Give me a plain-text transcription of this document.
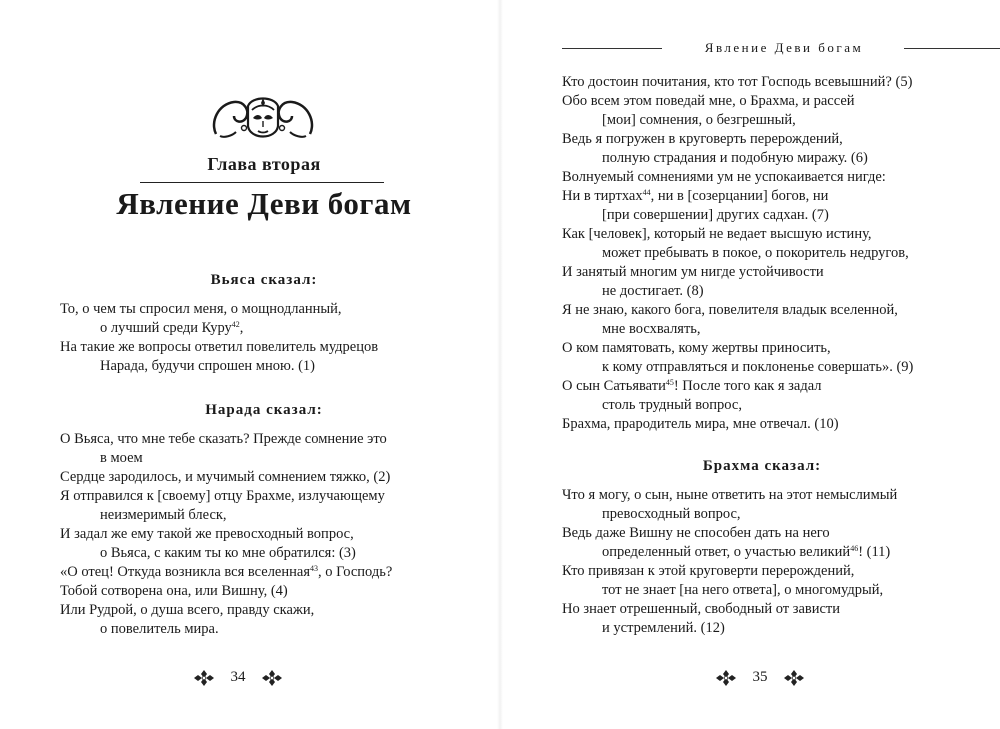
Глава вторая
Явление Деви богам
Вьяса сказал:
То, о чем ты спросил меня, о мощнодланный,
о лучший среди Куру$^{42}$,
На такие же вопросы ответил повелитель мудрецов
Нарада, будучи спрошен мною. (1)
Нарада сказал:
О Вьяса, что мне тебе сказать? Прежде сомнение это
в моем
Сердце зародилось, и мучимый сомнением тяжко, (2)
Я отправился к [своему] отцу Брахме, излучающему
неизмеримый блеск,
И задал же ему такой же превосходный вопрос,
о Вьяса, с каким ты ко мне обратился: (3)
«О отец! Откуда возникла вся вселенная$^{43}$, о Господь?
Тобой сотворена она, или Вишну, (4)
Или Рудрой, о душа всего, правду скажи,
о повелитель мира.
34
Явление Деви богам
Кто достоин почитания, кто тот Господь всевышний? (5)
Обо всем этом поведай мне, о Брахма, и рассей
[мои] сомнения, о безгрешный,
Ведь я погружен в круговерть перерождений,
полную страдания и подобную миражу. (6)
Волнуемый сомнениями ум не успокаивается нигде:
Ни в тиртхах$^{44}$, ни в [созерцании] богов, ни
[при совершении] других садхан. (7)
Как [человек], который не ведает высшую истину,
может пребывать в покое, о покоритель недругов,
И занятый многим ум нигде устойчивости
не достигает. (8)
Я не знаю, какого бога, повелителя владык вселенной,
мне восхвалять,
О ком памятовать, кому жертвы приносить,
к кому отправляться и поклоненье совершать». (9)
О сын Сатьявати$^{45}$! После того как я задал
столь трудный вопрос,
Брахма, прародитель мира, мне отвечал. (10)
Брахма сказал:
Что я могу, о сын, ныне ответить на этот немыслимый
превосходный вопрос,
Ведь даже Вишну не способен дать на него
определенный ответ, о участью великий$^{46}$! (11)
Кто привязан к этой круговерти перерождений,
тот не знает [на него ответа], о многомудрый,
Но знает отрешенный, свободный от зависти
и устремлений. (12)
35
